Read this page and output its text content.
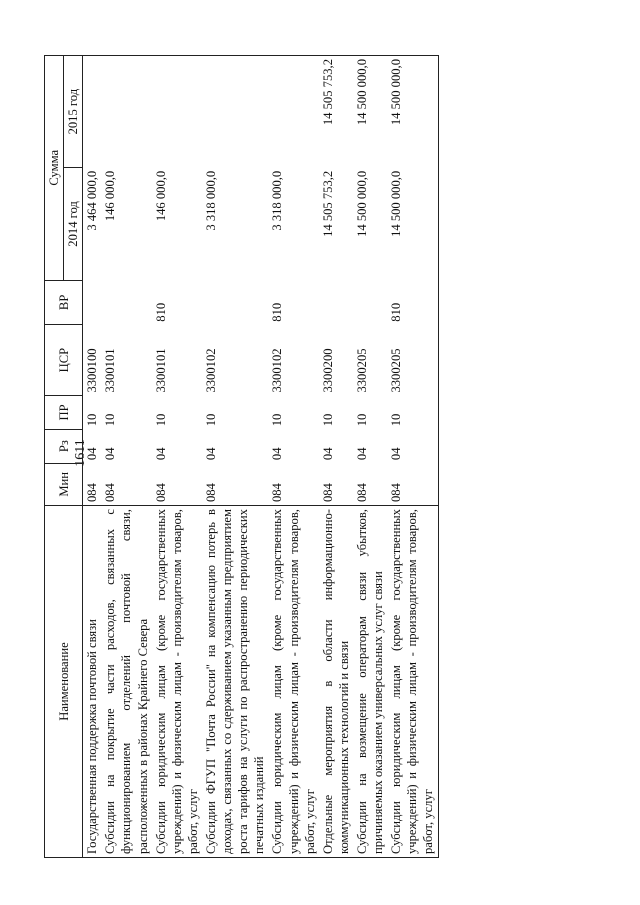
1611
Наименование	Мин	Рз	ПР	ЦСР	ВР	Сумма	
						2014 год	2015 год
Государственная поддержка почтовой связи	084	04	10	3300100		3 464 000,0	
Субсидии на покрытие части расходов, связанных с функционированием отделений почтовой связи, расположенных в районах Крайнего Севера	084	04	10	3300101		146 000,0	
Субсидии юридическим лицам (кроме государственных учреждений) и физическим лицам - производителям товаров, работ, услуг	084	04	10	3300101	810	146 000,0	
Субсидии ФГУП "Почта России" на компенсацию потерь в доходах, связанных со сдерживанием указанным предприятием роста тарифов на услуги по распространению периодических печатных изданий	084	04	10	3300102		3 318 000,0	
Субсидии юридическим лицам (кроме государственных учреждений) и физическим лицам - производителям товаров, работ, услуг	084	04	10	3300102	810	3 318 000,0	
Отдельные мероприятия в области информационно-коммуникационных технологий и связи	084	04	10	3300200		14 505 753,2	14 505 753,2
Субсидии на возмещение операторам связи убытков, причиняемых оказанием универсальных услуг связи	084	04	10	3300205		14 500 000,0	14 500 000,0
Субсидии юридическим лицам (кроме государственных учреждений) и физическим лицам - производителям товаров, работ, услуг	084	04	10	3300205	810	14 500 000,0	14 500 000,0
